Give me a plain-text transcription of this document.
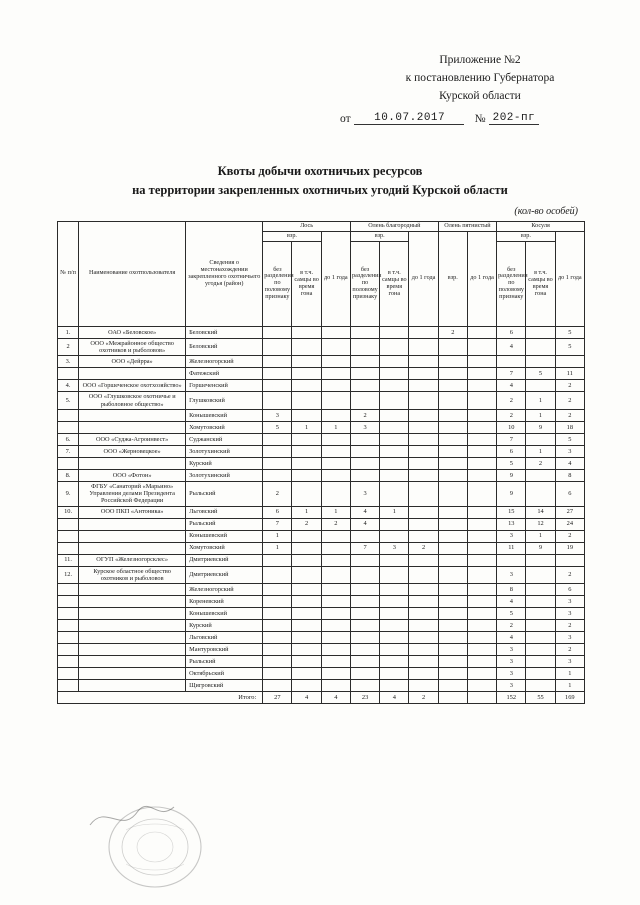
Приложение №2
к постановлению Губернатора
Курской области
от	10.07.2017	№ 202-пг
Квоты добычи охотничьих ресурсов
на территории закрепленных охотничьих угодий Курской области
(кол-во особей)
№ п/п	Наименование охотпользователя	Сведения о местонахождении закрепленного охотничьего угодья (район)	Лось			Олень благородный			Олень пятнистый		Косуля		
			взр.		до 1 года	взр.		до 1 года	взр.	до 1 года	взр.		до 1 года
			без разделения по половому признаку	в т.ч. самцы во время гона		без разделения по половому признаку	в т.ч. самцы во время гона				без разделения по половому признаку	в т.ч. самцы во время гона	
1.	ОАО «Беловское»	Беловский							2		6		5
2	ООО «Межрайонное общество охотников и рыболовов»	Беловский									4		5
3.	ООО «Дейрра»	Железногорский											
		Фатежский									7	5	11
4.	ООО «Горшеченское охотхозяйство»	Горшеченский									4		2
5.	ООО «Глушковское охотничье и рыболовное общество»	Глушковский									2	1	2
		Конышевский	3			2					2	1	2
		Хомутовский	5	1	1	3					10	9	18
6.	ООО «Суджа-Агроинвест»	Суджанский									7		5
7.	ООО «Жерновецкое»	Золотухинский									6	1	3
		Курский									5	2	4
8.	ООО «Фотон»	Золотухинский									9		8
9.	ФГБУ «Санаторий «Марьино» Управления делами Президента Российской Федерации	Рыльский	2			3					9		6
10.	ООО ПКП «Антоника»	Льговский	6	1	1	4	1				15	14	27
		Рыльский	7	2	2	4					13	12	24
		Конышевский	1								3	1	2
		Хомутовский	1			7	3	2			11	9	19
11.	ОГУП «Железногорсклес»	Дмитриевский											
12.	Курское областное общество охотников и рыболовов	Дмитриевский									3		2
		Железногорский									8		6
		Кореневский									4		3
		Конышевский									5		3
		Курский									2		2
		Льговский									4		3
		Мантуровский									3		2
		Рыльский									3		3
		Октябрьский									3		1
		Щигровский									3		1
Итого:			27	4	4	23	4	2			152	55	169
